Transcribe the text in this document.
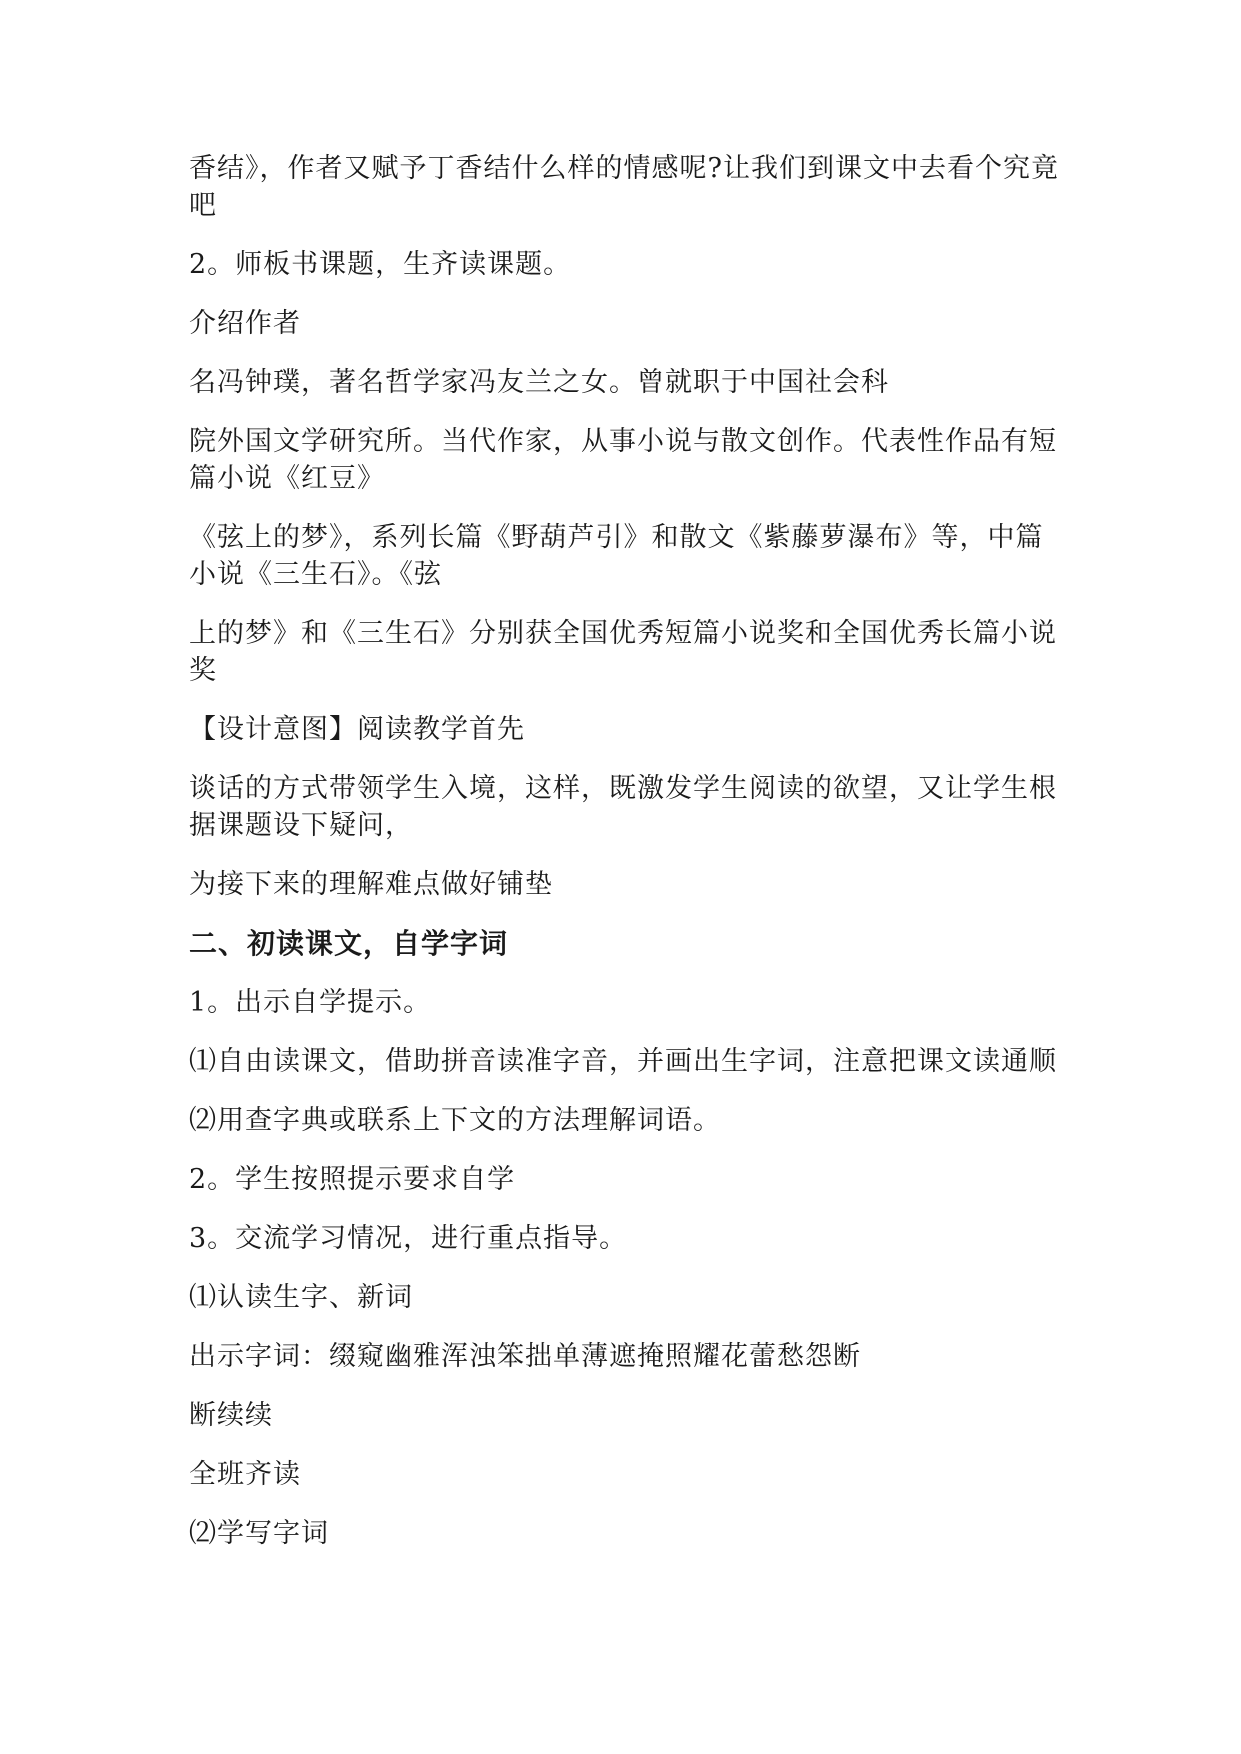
香结》，作者又赋予丁香结什么样的情感呢?让我们到课文中去看个究竟吧

2。师板书课题，生齐读课题。

介绍作者

名冯钟璞，著名哲学家冯友兰之女。曾就职于中国社会科

院外国文学研究所。当代作家，从事小说与散文创作。代表性作品有短篇小说《红豆》

《弦上的梦》，系列长篇《野葫芦引》和散文《紫藤萝瀑布》等，中篇小说《三生石》。《弦

上的梦》和《三生石》分别获全国优秀短篇小说奖和全国优秀长篇小说奖

【设计意图】阅读教学首先

谈话的方式带领学生入境，这样，既激发学生阅读的欲望，又让学生根据课题设下疑问，

为接下来的理解难点做好铺垫

二、初读课文，自学字词

1。出示自学提示。

⑴自由读课文，借助拼音读准字音，并画出生字词，注意把课文读通顺

⑵用查字典或联系上下文的方法理解词语。

2。学生按照提示要求自学

3。交流学习情况，进行重点指导。

⑴认读生字、新词

出示字词：缀窥幽雅浑浊笨拙单薄遮掩照耀花蕾愁怨断

断续续

全班齐读

⑵学写字词
